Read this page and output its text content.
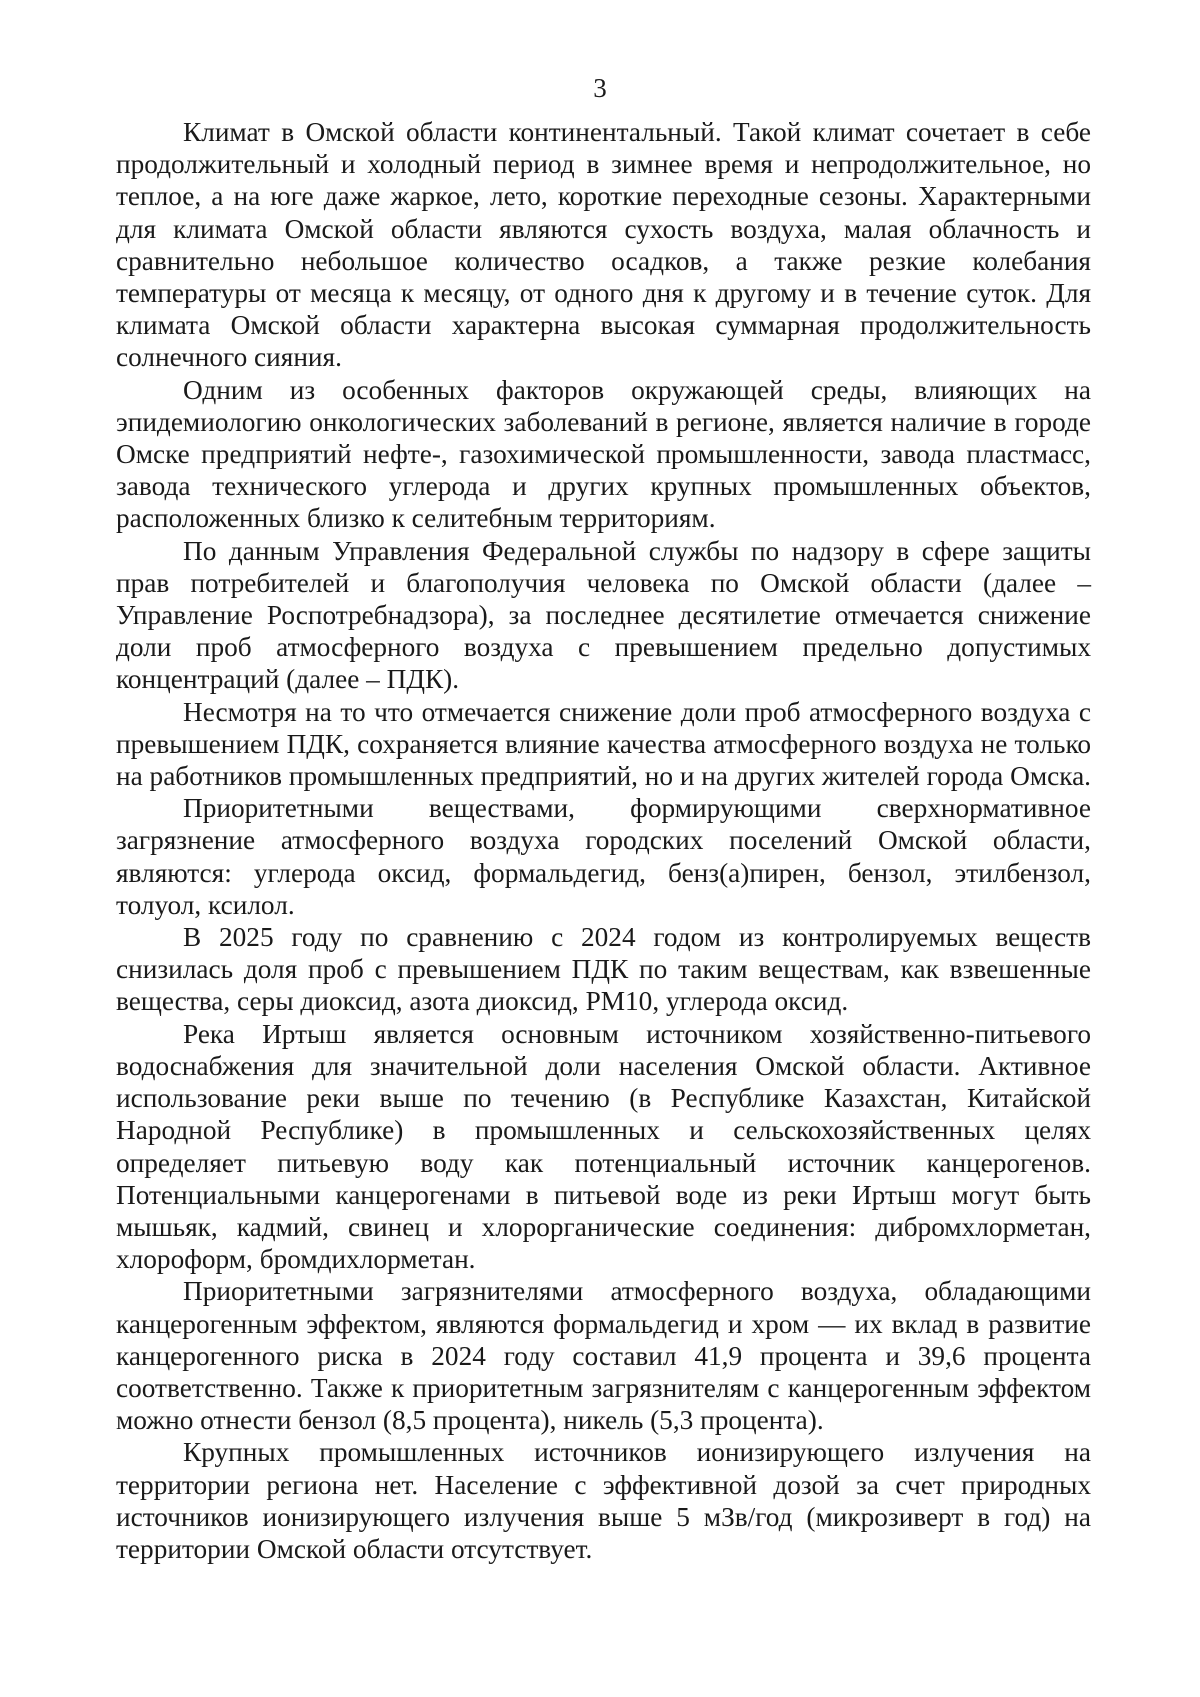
3

Климат в Омской области континентальный. Такой климат сочетает в себе продолжительный и холодный период в зимнее время и непродолжительное, но теплое, а на юге даже жаркое, лето, короткие переходные сезоны. Характерными для климата Омской области являются сухость воздуха, малая облачность и сравнительно небольшое количество осадков, а также резкие колебания температуры от месяца к месяцу, от одного дня к другому и в течение суток. Для климата Омской области характерна высокая суммарная продолжительность солнечного сияния.

Одним из особенных факторов окружающей среды, влияющих на эпидемиологию онкологических заболеваний в регионе, является наличие в городе Омске предприятий нефте-, газохимической промышленности, завода пластмасс, завода технического углерода и других крупных промышленных объектов, расположенных близко к селитебным территориям.

По данным Управления Федеральной службы по надзору в сфере защиты прав потребителей и благополучия человека по Омской области (далее – Управление Роспотребнадзора), за последнее десятилетие отмечается снижение доли проб атмосферного воздуха с превышением предельно допустимых концентраций (далее – ПДК).

Несмотря на то что отмечается снижение доли проб атмосферного воздуха с превышением ПДК, сохраняется влияние качества атмосферного воздуха не только на работников промышленных предприятий, но и на других жителей города Омска.

Приоритетными веществами, формирующими сверхнормативное загрязнение атмосферного воздуха городских поселений Омской области, являются: углерода оксид, формальдегид, бенз(а)пирен, бензол, этилбензол, толуол, ксилол.

В 2025 году по сравнению с 2024 годом из контролируемых веществ снизилась доля проб с превышением ПДК по таким веществам, как взвешенные вещества, серы диоксид, азота диоксид, PM10, углерода оксид.

Река Иртыш является основным источником хозяйственно-питьевого водоснабжения для значительной доли населения Омской области. Активное использование реки выше по течению (в Республике Казахстан, Китайской Народной Республике) в промышленных и сельскохозяйственных целях определяет питьевую воду как потенциальный источник канцерогенов. Потенциальными канцерогенами в питьевой воде из реки Иртыш могут быть мышьяк, кадмий, свинец и хлорорганические соединения: дибромхлорметан, хлороформ, бромдихлорметан.

Приоритетными загрязнителями атмосферного воздуха, обладающими канцерогенным эффектом, являются формальдегид и хром — их вклад в развитие канцерогенного риска в 2024 году составил 41,9 процента и 39,6 процента соответственно. Также к приоритетным загрязнителям с канцерогенным эффектом можно отнести бензол (8,5 процента), никель (5,3 процента).

Крупных промышленных источников ионизирующего излучения на территории региона нет. Население с эффективной дозой за счет природных источников ионизирующего излучения выше 5 мЗв/год (микрозиверт в год) на территории Омской области отсутствует.
